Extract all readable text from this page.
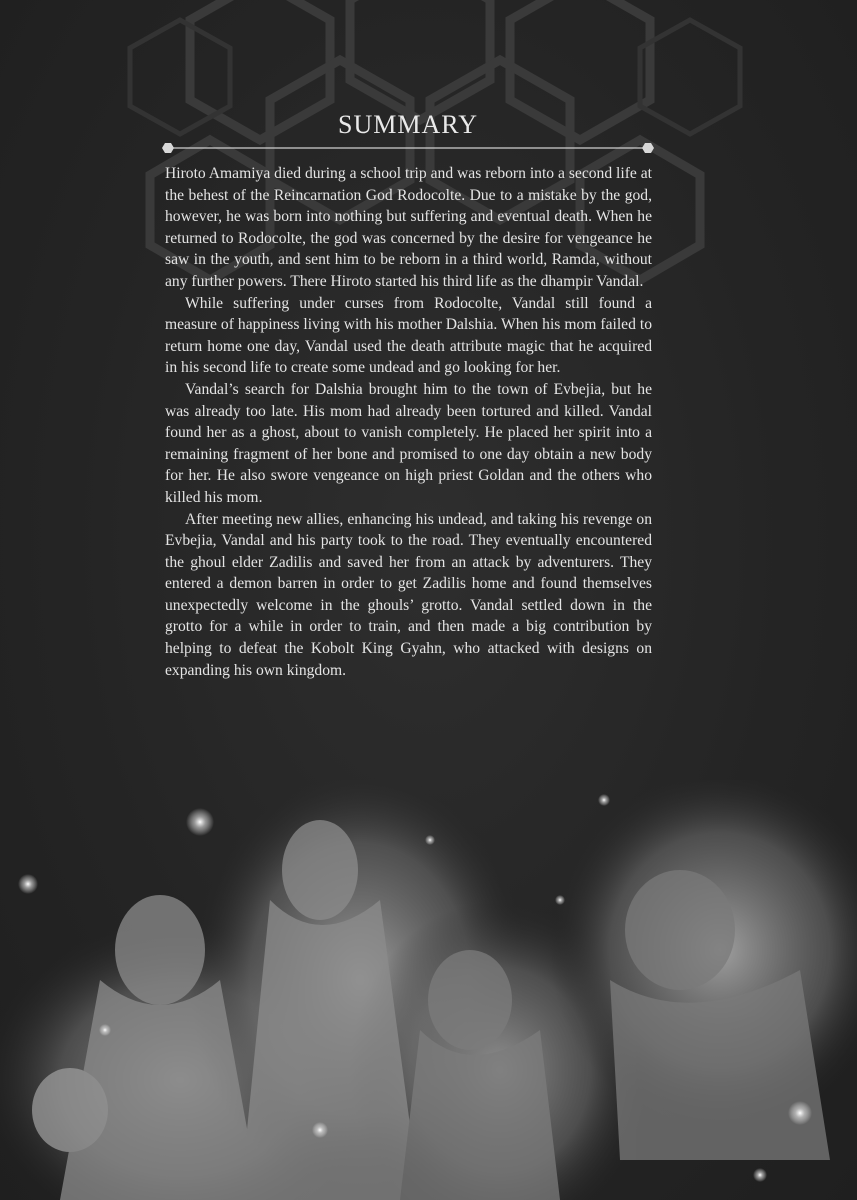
SUMMARY

Hiroto Amamiya died during a school trip and was reborn into a second life at the behest of the Reincarnation God Rodocolte. Due to a mistake by the god, however, he was born into nothing but suffering and eventual death. When he returned to Rodocolte, the god was concerned by the desire for vengeance he saw in the youth, and sent him to be reborn in a third world, Ramda, without any further powers. There Hiroto started his third life as the dhampir Vandal.

While suffering under curses from Rodocolte, Vandal still found a measure of happiness living with his mother Dalshia. When his mom failed to return home one day, Vandal used the death attribute magic that he acquired in his second life to create some undead and go looking for her.

Vandal’s search for Dalshia brought him to the town of Evbejia, but he was already too late. His mom had already been tortured and killed. Vandal found her as a ghost, about to vanish completely. He placed her spirit into a remaining fragment of her bone and promised to one day obtain a new body for her. He also swore vengeance on high priest Goldan and the others who killed his mom.

After meeting new allies, enhancing his undead, and taking his revenge on Evbejia, Vandal and his party took to the road. They eventually encountered the ghoul elder Zadilis and saved her from an attack by adventurers. They entered a demon barren in order to get Zadilis home and found themselves unexpectedly welcome in the ghouls’ grotto. Vandal settled down in the grotto for a while in order to train, and then made a big contribution by helping to defeat the Kobolt King Gyahn, who attacked with designs on expanding his own kingdom.
